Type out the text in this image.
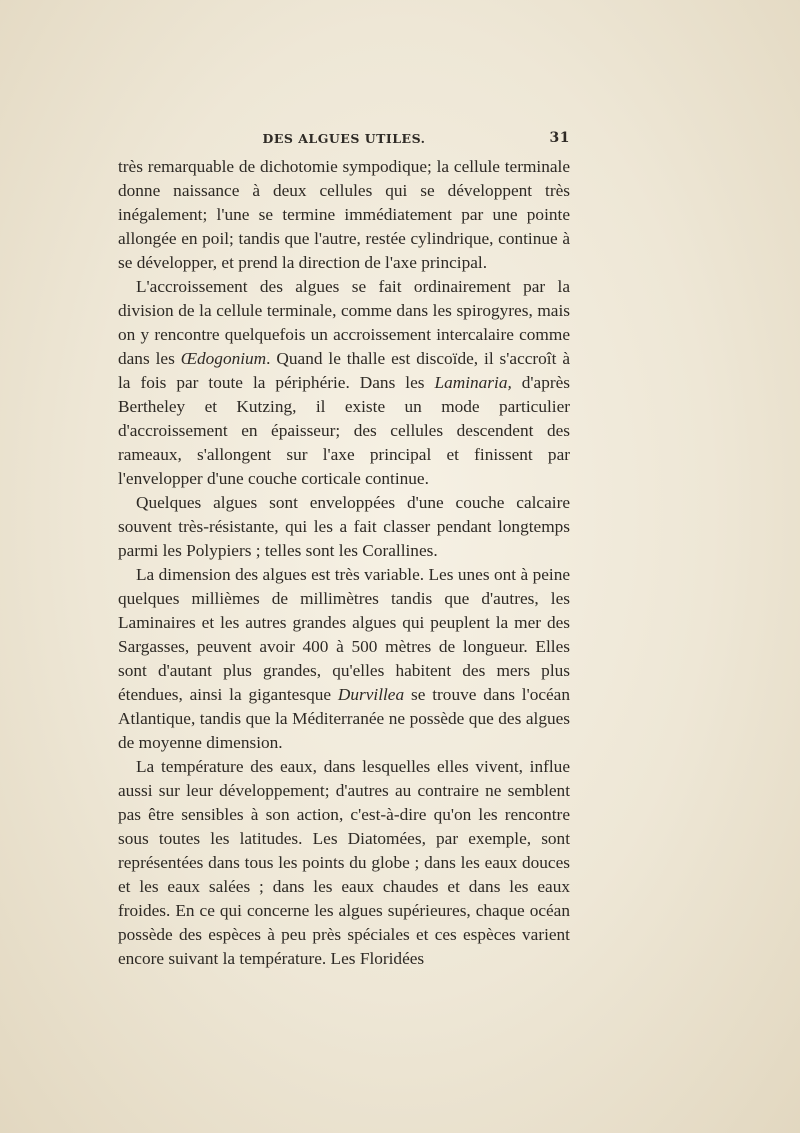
DES ALGUES UTILES.	31

très remarquable de dichotomie sympodique; la cellule terminale donne naissance à deux cellules qui se développent très inégalement; l'une se termine immédiatement par une pointe allongée en poil; tandis que l'autre, restée cylindrique, continue à se développer, et prend la direction de l'axe principal.

L'accroissement des algues se fait ordinairement par la division de la cellule terminale, comme dans les spirogyres, mais on y rencontre quelquefois un accroissement intercalaire comme dans les Œdogonium. Quand le thalle est discoïde, il s'accroît à la fois par toute la périphérie. Dans les Laminaria, d'après Bertheley et Kutzing, il existe un mode particulier d'accroissement en épaisseur; des cellules descendent des rameaux, s'allongent sur l'axe principal et finissent par l'envelopper d'une couche corticale continue.

Quelques algues sont enveloppées d'une couche calcaire souvent très-résistante, qui les a fait classer pendant longtemps parmi les Polypiers ; telles sont les Corallines.

La dimension des algues est très variable. Les unes ont à peine quelques millièmes de millimètres tandis que d'autres, les Laminaires et les autres grandes algues qui peuplent la mer des Sargasses, peuvent avoir 400 à 500 mètres de longueur. Elles sont d'autant plus grandes, qu'elles habitent des mers plus étendues, ainsi la gigantesque Durvillea se trouve dans l'océan Atlantique, tandis que la Méditerranée ne possède que des algues de moyenne dimension.

La température des eaux, dans lesquelles elles vivent, influe aussi sur leur développement; d'autres au contraire ne semblent pas être sensibles à son action, c'est-à-dire qu'on les rencontre sous toutes les latitudes. Les Diatomées, par exemple, sont représentées dans tous les points du globe ; dans les eaux douces et les eaux salées ; dans les eaux chaudes et dans les eaux froides. En ce qui concerne les algues supérieures, chaque océan possède des espèces à peu près spéciales et ces espèces varient encore suivant la température. Les Floridées
